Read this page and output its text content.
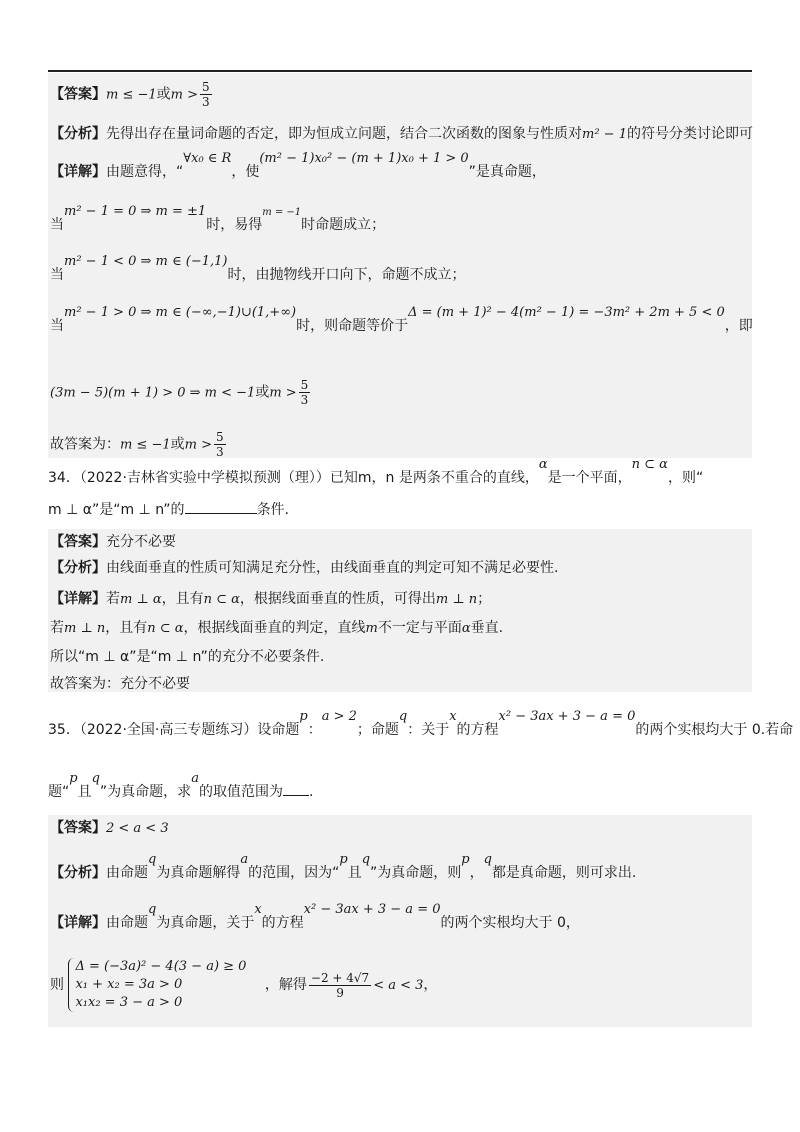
【答案】m ≤ −1或$m > \frac{5}{3}$
【分析】先得出存在量词命题的否定，即为恒成立问题，结合二次函数的图象与性质对m² − 1的符号分类讨论即可
【详解】由题意得，“∀x₀ ∈ R，使(m² − 1)x₀² − (m + 1)x₀ + 1 > 0”是真命题，
当m² − 1 = 0 ⇒ m = ±1时，易得$^{m = -1}$时命题成立；
当m² − 1 < 0 ⇒ m ∈ (−1,1)时，由抛物线开口向下，命题不成立；
当m² − 1 > 0 ⇒ m ∈ (−∞,−1)∪(1,+∞)时，则命题等价于Δ = (m + 1)² − 4(m² − 1) = −3m² + 2m + 5 < 0，即
(3m − 5)(m + 1) > 0 ⇒ m < −1或$m > \frac{5}{3}$
故答案为：m ≤ −1或$m > \frac{5}{3}$
34．（2022·吉林省实验中学模拟预测（理））已知m，n 是两条不重合的直线，α是一个平面，n ⊂ α，则“
m ⊥ α”是“m ⊥ n”的	条件.
【答案】充分不必要
【分析】由线面垂直的性质可知满足充分性，由线面垂直的判定可知不满足必要性.
【详解】若m ⊥ α，且有n ⊂ α，根据线面垂直的性质，可得出m ⊥ n；
若m ⊥ n，且有n ⊂ α，根据线面垂直的判定，直线m不一定与平面α垂直.
所以“m ⊥ α”是“m ⊥ n”的充分不必要条件.
故答案为：充分不必要
35．（2022·全国·高三专题练习）设命题p：a > 2；命题q：关于x的方程x² − 3ax + 3 − a = 0的两个实根均大于 0.若命
题“p且q”为真命题，求a的取值范围为 .
【答案】2 < a < 3
【分析】由命题q为真命题解得a的范围，因为“p且q”为真命题，则p，q都是真命题，则可求出.
【详解】由命题q为真命题，关于x的方程x² − 3ax + 3 − a = 0的两个实根均大于 0，
则
Δ = (−3a)² − 4(3 − a) ≥ 0
x₁ + x₂ = 3a > 0
x₁x₂ = 3 − a > 0
，解得 $\frac{-2 + 4√7}{9} < a < 3$，
